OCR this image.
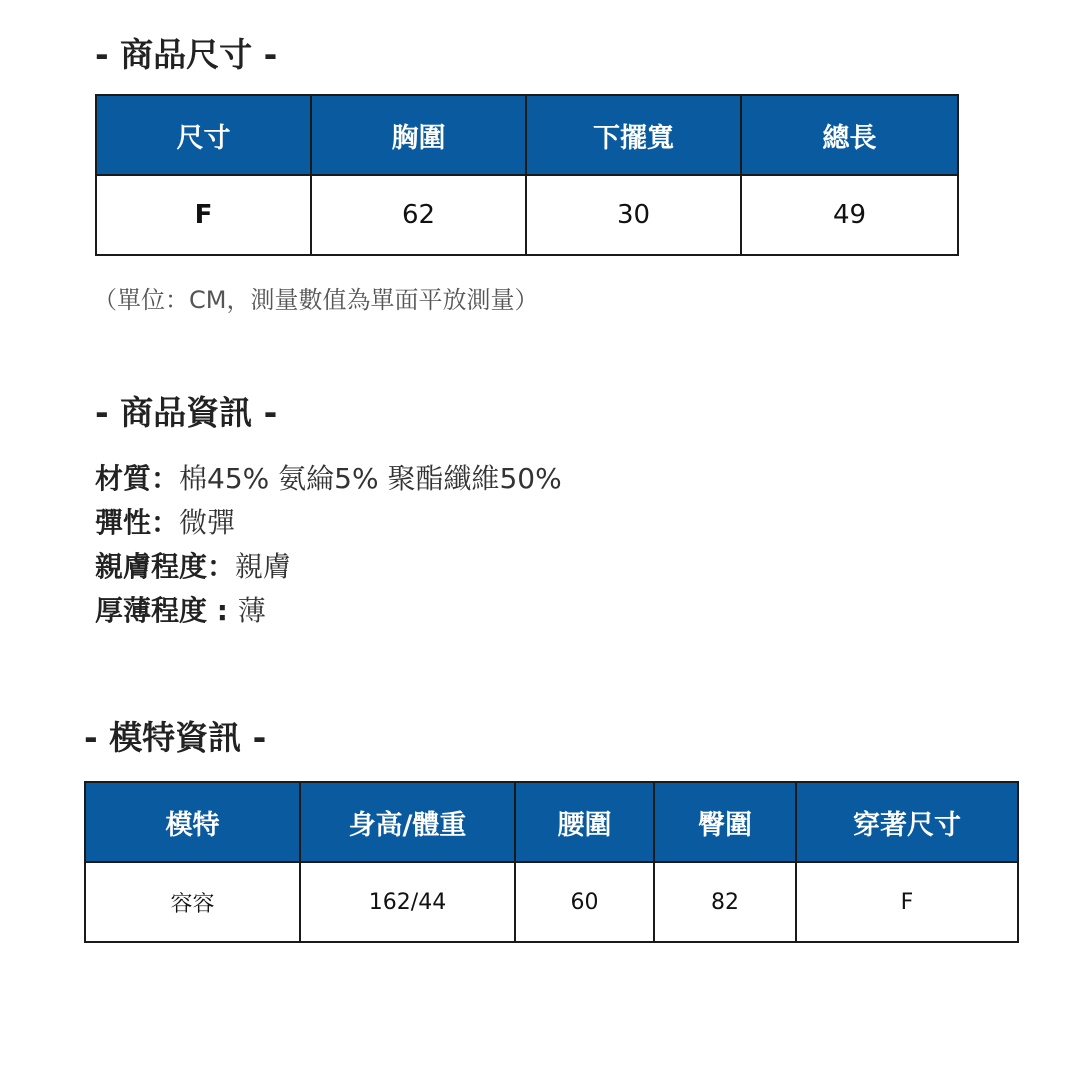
- 商品尺寸 -
尺寸	胸圍	下擺寬	總長
F	62	30	49

（單位：CM，測量數值為單面平放測量）

- 商品資訊 -

材質：棉45% 氨綸5% 聚酯纖維50%

彈性：微彈

親膚程度：親膚

厚薄程度 : 薄

- 模特資訊 -
模特	身高/體重	腰圍	臀圍	穿著尺寸
容容	162/44	60	82	F
